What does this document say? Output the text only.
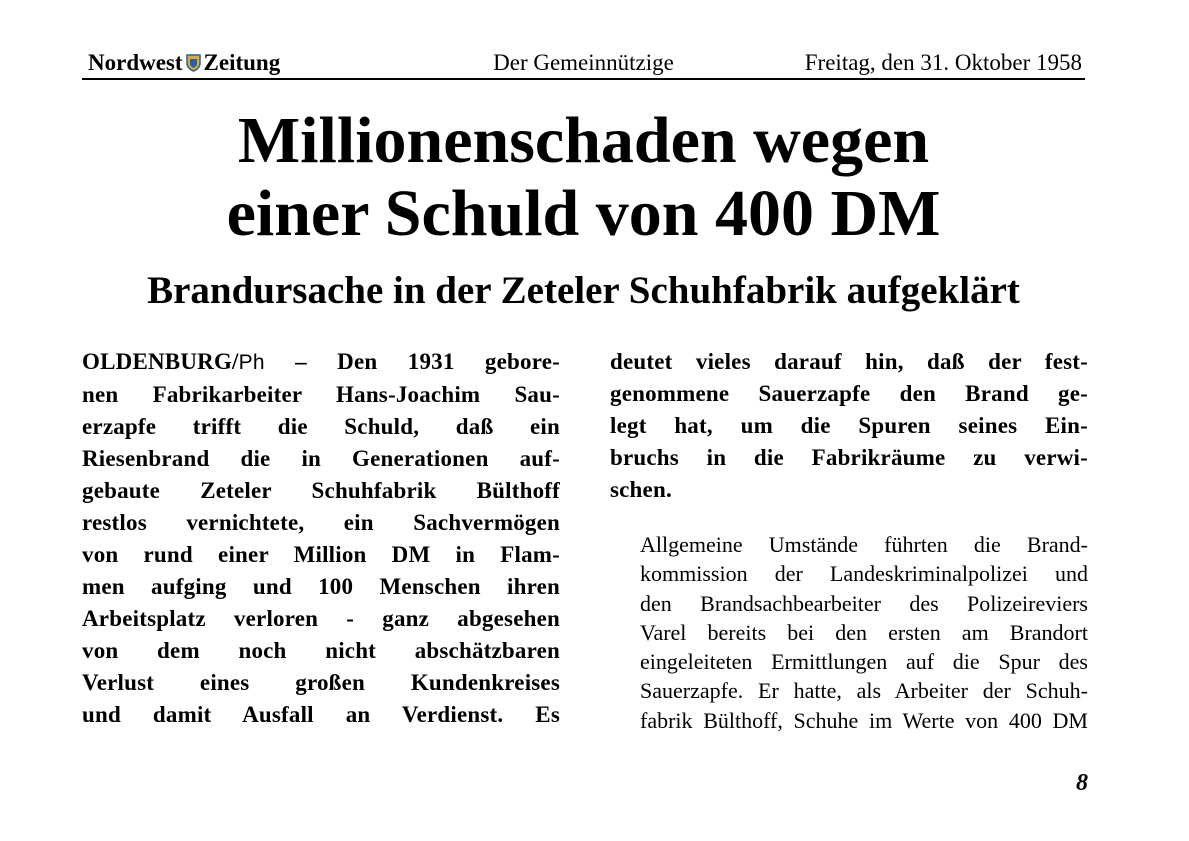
Nordwest Zeitung	Der Gemeinnützige	Freitag, den 31. Oktober 1958
Millionenschaden wegen
einer Schuld von 400 DM
Brandursache in der Zeteler Schuhfabrik aufgeklärt
OLDENBURG/Ph – Den 1931 gebore-
nen Fabrikarbeiter Hans-Joachim Sau-
erzapfe trifft die Schuld, daß ein
Riesenbrand die in Generationen auf-
gebaute Zeteler Schuhfabrik Bülthoff
restlos vernichtete, ein Sachvermögen
von rund einer Million DM in Flam-
men aufging und 100 Menschen ihren
Arbeitsplatz verloren - ganz abgesehen
von dem noch nicht abschätzbaren
Verlust eines großen Kundenkreises
und damit Ausfall an Verdienst. Es
deutet vieles darauf hin, daß der fest-
genommene Sauerzapfe den Brand ge-
legt hat, um die Spuren seines Ein-
bruchs in die Fabrikräume zu verwi-
schen.
Allgemeine Umstände führten die Brand-
kommission der Landeskriminalpolizei und
den Brandsachbearbeiter des Polizeireviers
Varel bereits bei den ersten am Brandort
eingeleiteten Ermittlungen auf die Spur des
Sauerzapfe. Er hatte, als Arbeiter der Schuh-
fabrik Bülthoff, Schuhe im Werte von 400 DM
8
